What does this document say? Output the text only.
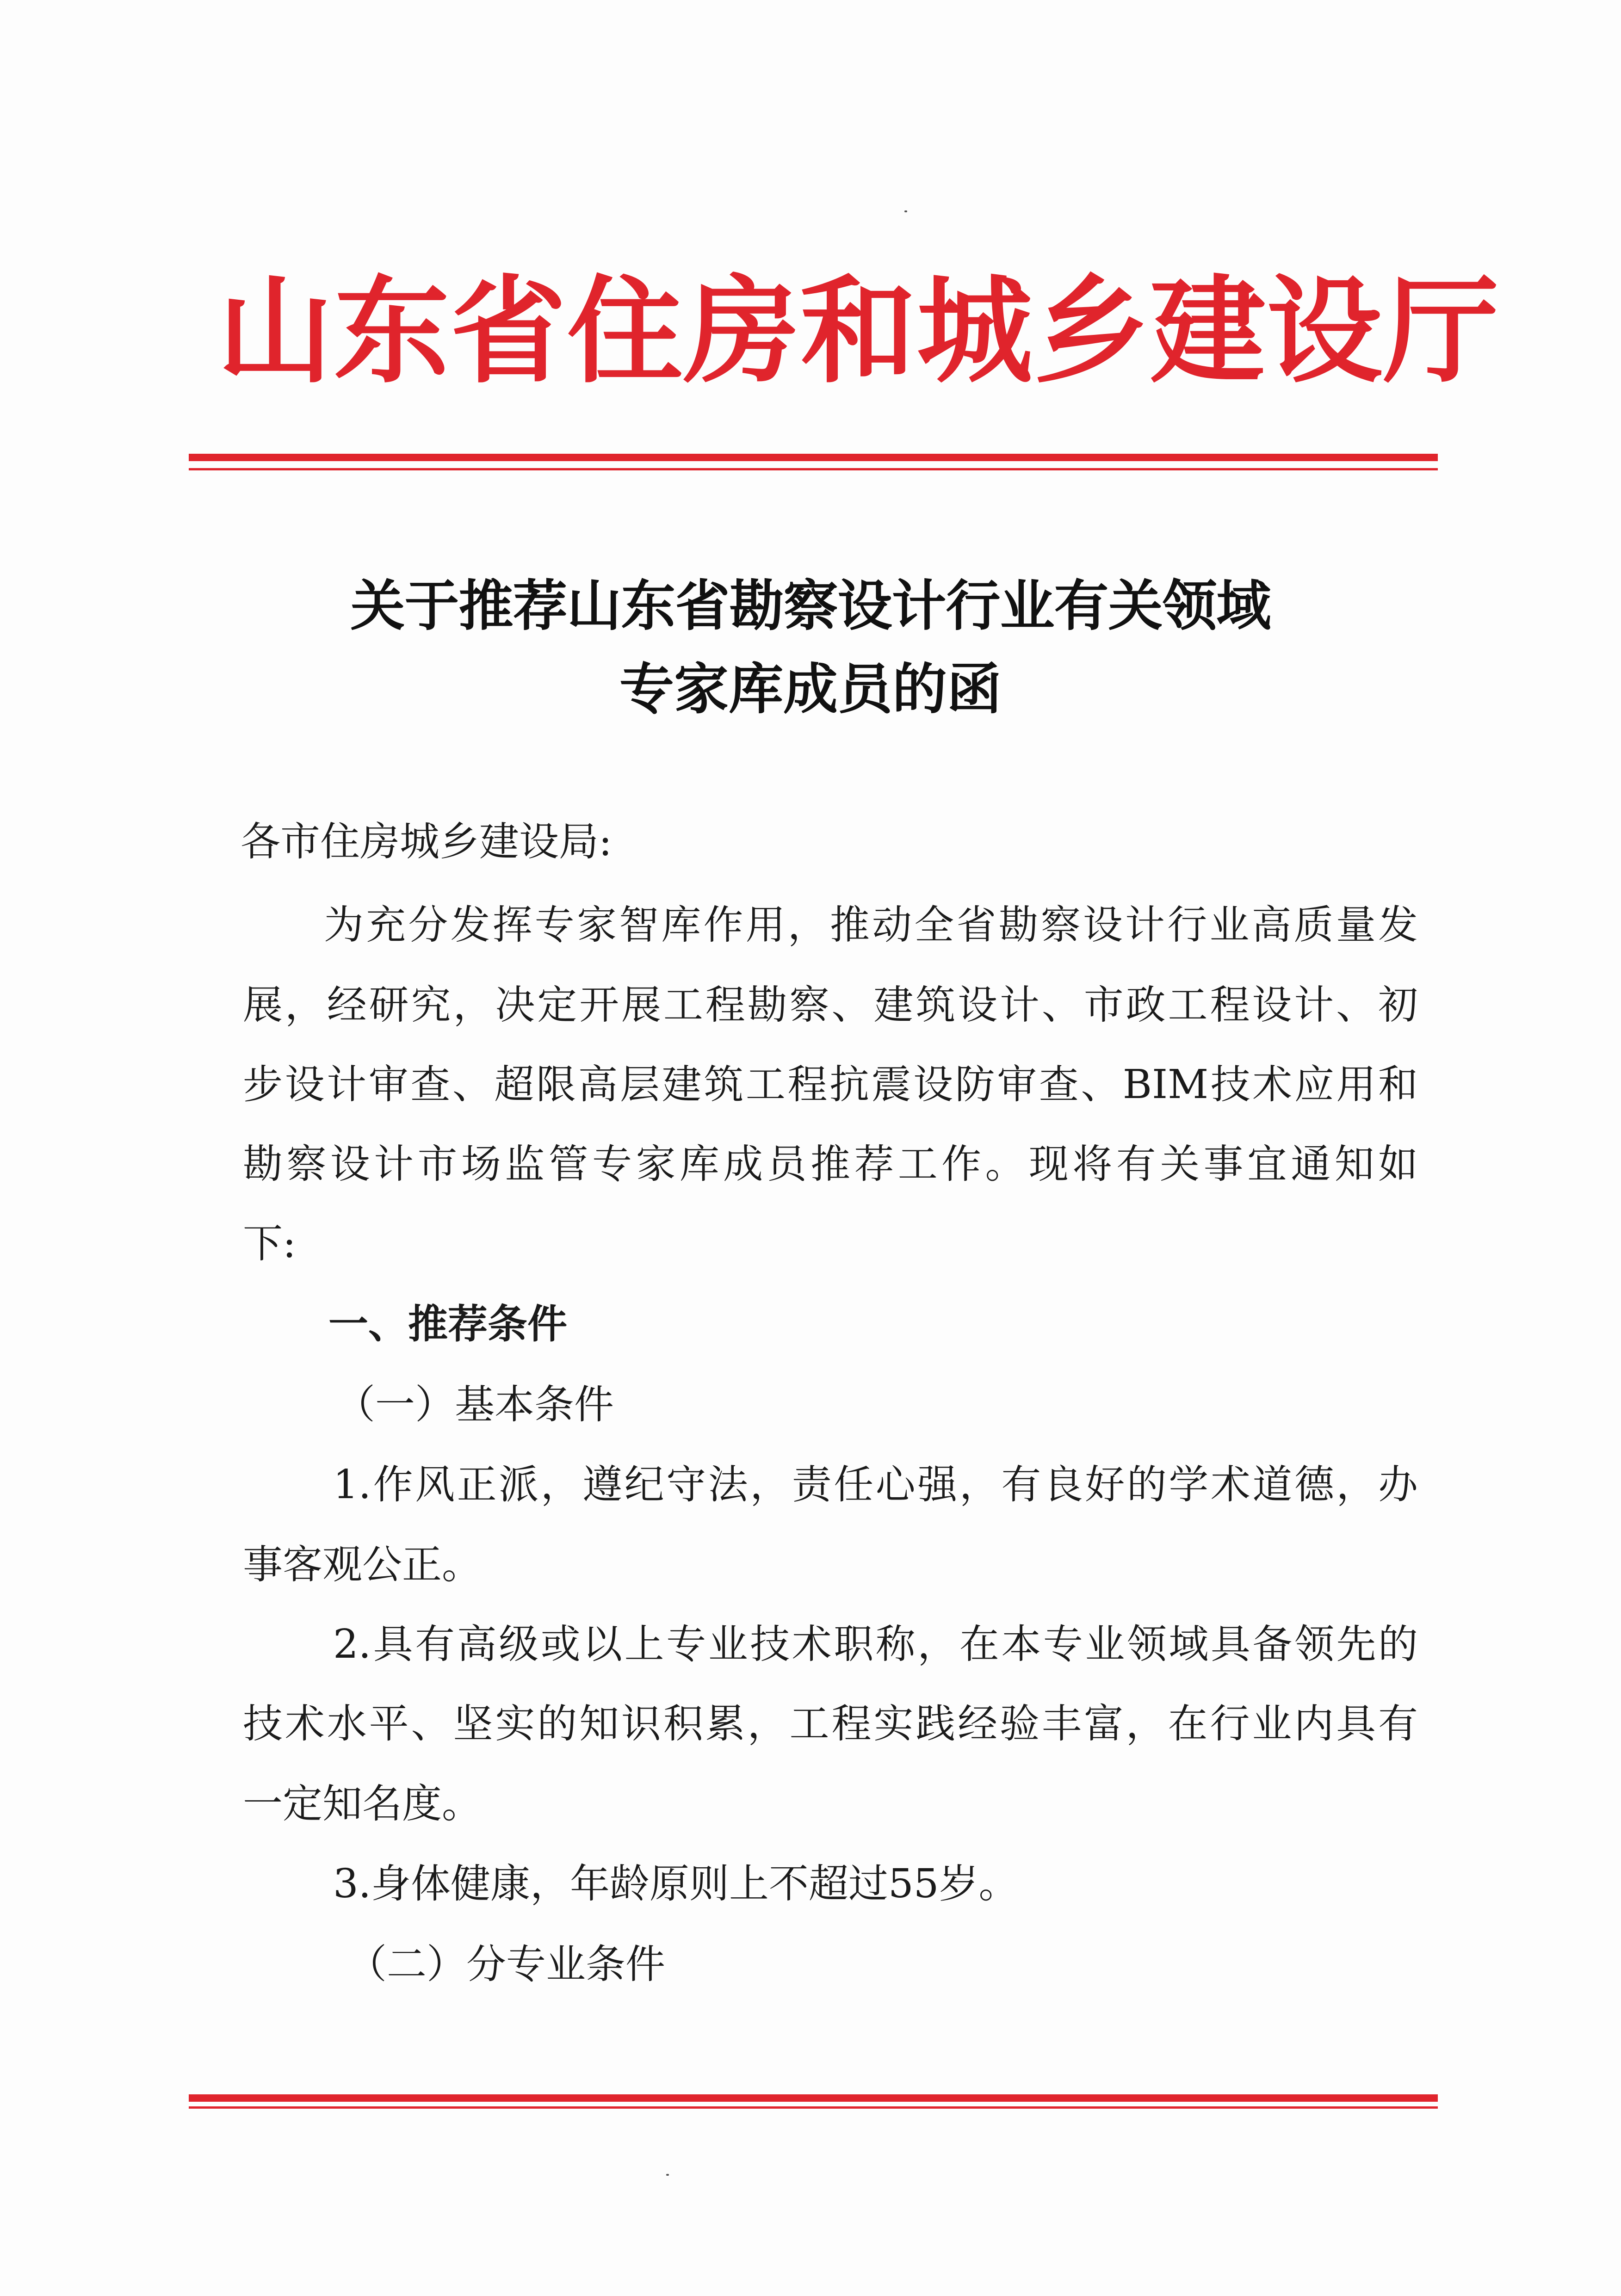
山东省住房和城乡建设厅
关于推荐山东省勘察设计行业有关领域
专家库成员的函
各市住房城乡建设局:
为充分发挥专家智库作用，推动全省勘察设计行业高质量发
展，经研究，决定开展工程勘察、建筑设计、市政工程设计、初
步设计审查、超限高层建筑工程抗震设防审查、BIM技术应用和
勘察设计市场监管专家库成员推荐工作。现将有关事宜通知如
下:
一、推荐条件
（一）基本条件
1.作风正派，遵纪守法，责任心强，有良好的学术道德，办
事客观公正。
2.具有高级或以上专业技术职称，在本专业领域具备领先的
技术水平、坚实的知识积累，工程实践经验丰富，在行业内具有
一定知名度。
3.身体健康，年龄原则上不超过55岁。
（二）分专业条件
